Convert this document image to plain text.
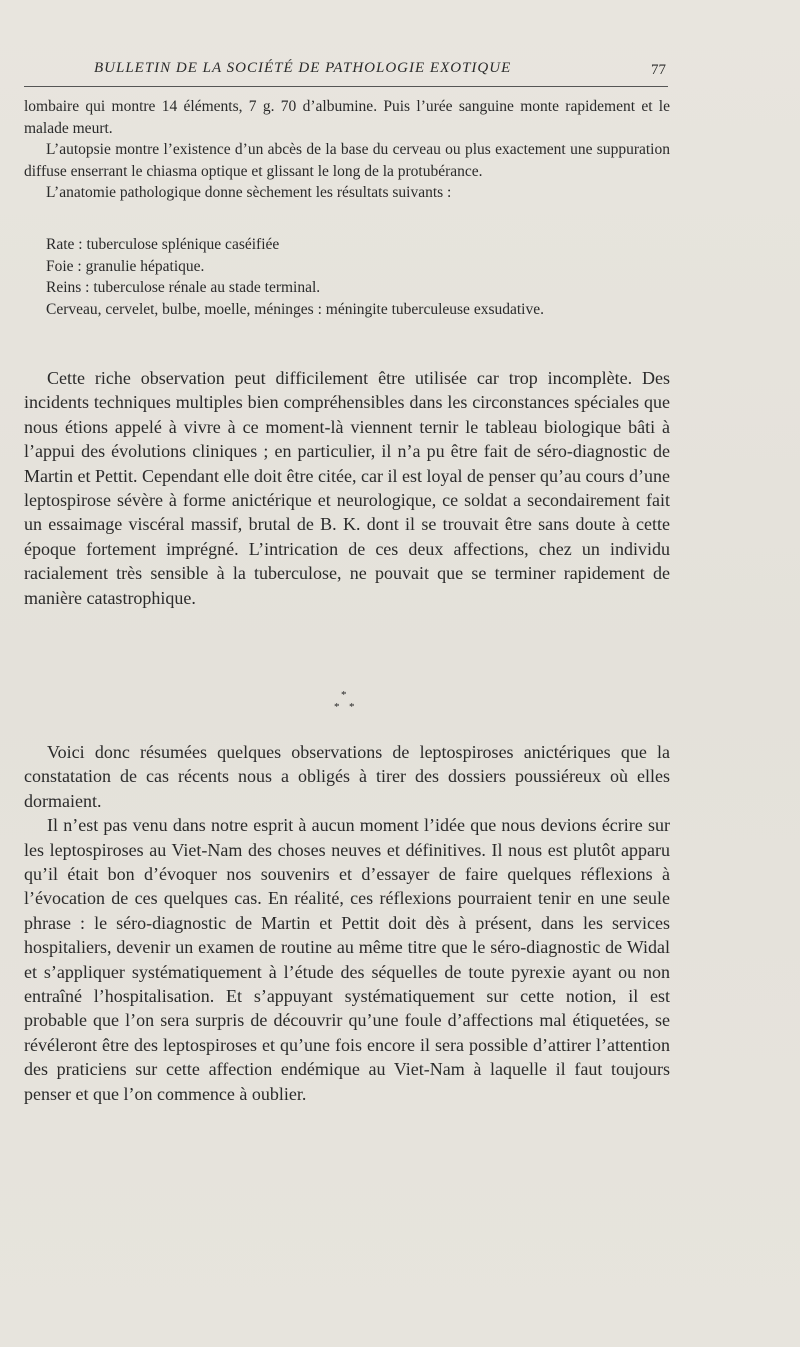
BULLETIN DE LA SOCIÉTÉ DE PATHOLOGIE EXOTIQUE	77

lombaire qui montre 14 éléments, 7 g. 70 d’albumine. Puis l’urée sanguine monte rapidement et le malade meurt.

L’autopsie montre l’existence d’un abcès de la base du cerveau ou plus exactement une suppuration diffuse enserrant le chiasma optique et glissant le long de la protubérance.

L’anatomie pathologique donne sèchement les résultats suivants :

Rate : tuberculose splénique caséifiée

Foie : granulie hépatique.

Reins : tuberculose rénale au stade terminal.

Cerveau, cervelet, bulbe, moelle, méninges : méningite tuberculeuse exsudative.

Cette riche observation peut difficilement être utilisée car trop incomplète. Des incidents techniques multiples bien compréhensibles dans les circonstances spéciales que nous étions appelé à vivre à ce moment-là viennent ternir le tableau biologique bâti à l’appui des évolutions cliniques ; en particulier, il n’a pu être fait de séro-diagnostic de Martin et Pettit. Cependant elle doit être citée, car il est loyal de penser qu’au cours d’une leptospirose sévère à forme anictérique et neurologique, ce soldat a secondairement fait un essaimage viscéral massif, brutal de B. K. dont il se trouvait être sans doute à cette époque fortement imprégné. L’intrication de ces deux affections, chez un individu racialement très sensible à la tuberculose, ne pouvait que se terminer rapidement de manière catastrophique.

*
* *

Voici donc résumées quelques observations de leptospiroses anictériques que la constatation de cas récents nous a obligés à tirer des dossiers poussiéreux où elles dormaient.

Il n’est pas venu dans notre esprit à aucun moment l’idée que nous devions écrire sur les leptospiroses au Viet-Nam des choses neuves et définitives. Il nous est plutôt apparu qu’il était bon d’évoquer nos souvenirs et d’essayer de faire quelques réflexions à l’évocation de ces quelques cas. En réalité, ces réflexions pourraient tenir en une seule phrase : le séro-diagnostic de Martin et Pettit doit dès à présent, dans les services hospitaliers, devenir un examen de routine au même titre que le séro-diagnostic de Widal et s’appliquer systématiquement à l’étude des séquelles de toute pyrexie ayant ou non entraîné l’hospitalisation. Et s’appuyant systématiquement sur cette notion, il est probable que l’on sera surpris de découvrir qu’une foule d’affections mal étiquetées, se révéleront être des leptospiroses et qu’une fois encore il sera possible d’attirer l’attention des praticiens sur cette affection endémique au Viet-Nam à laquelle il faut toujours penser et que l’on commence à oublier.
